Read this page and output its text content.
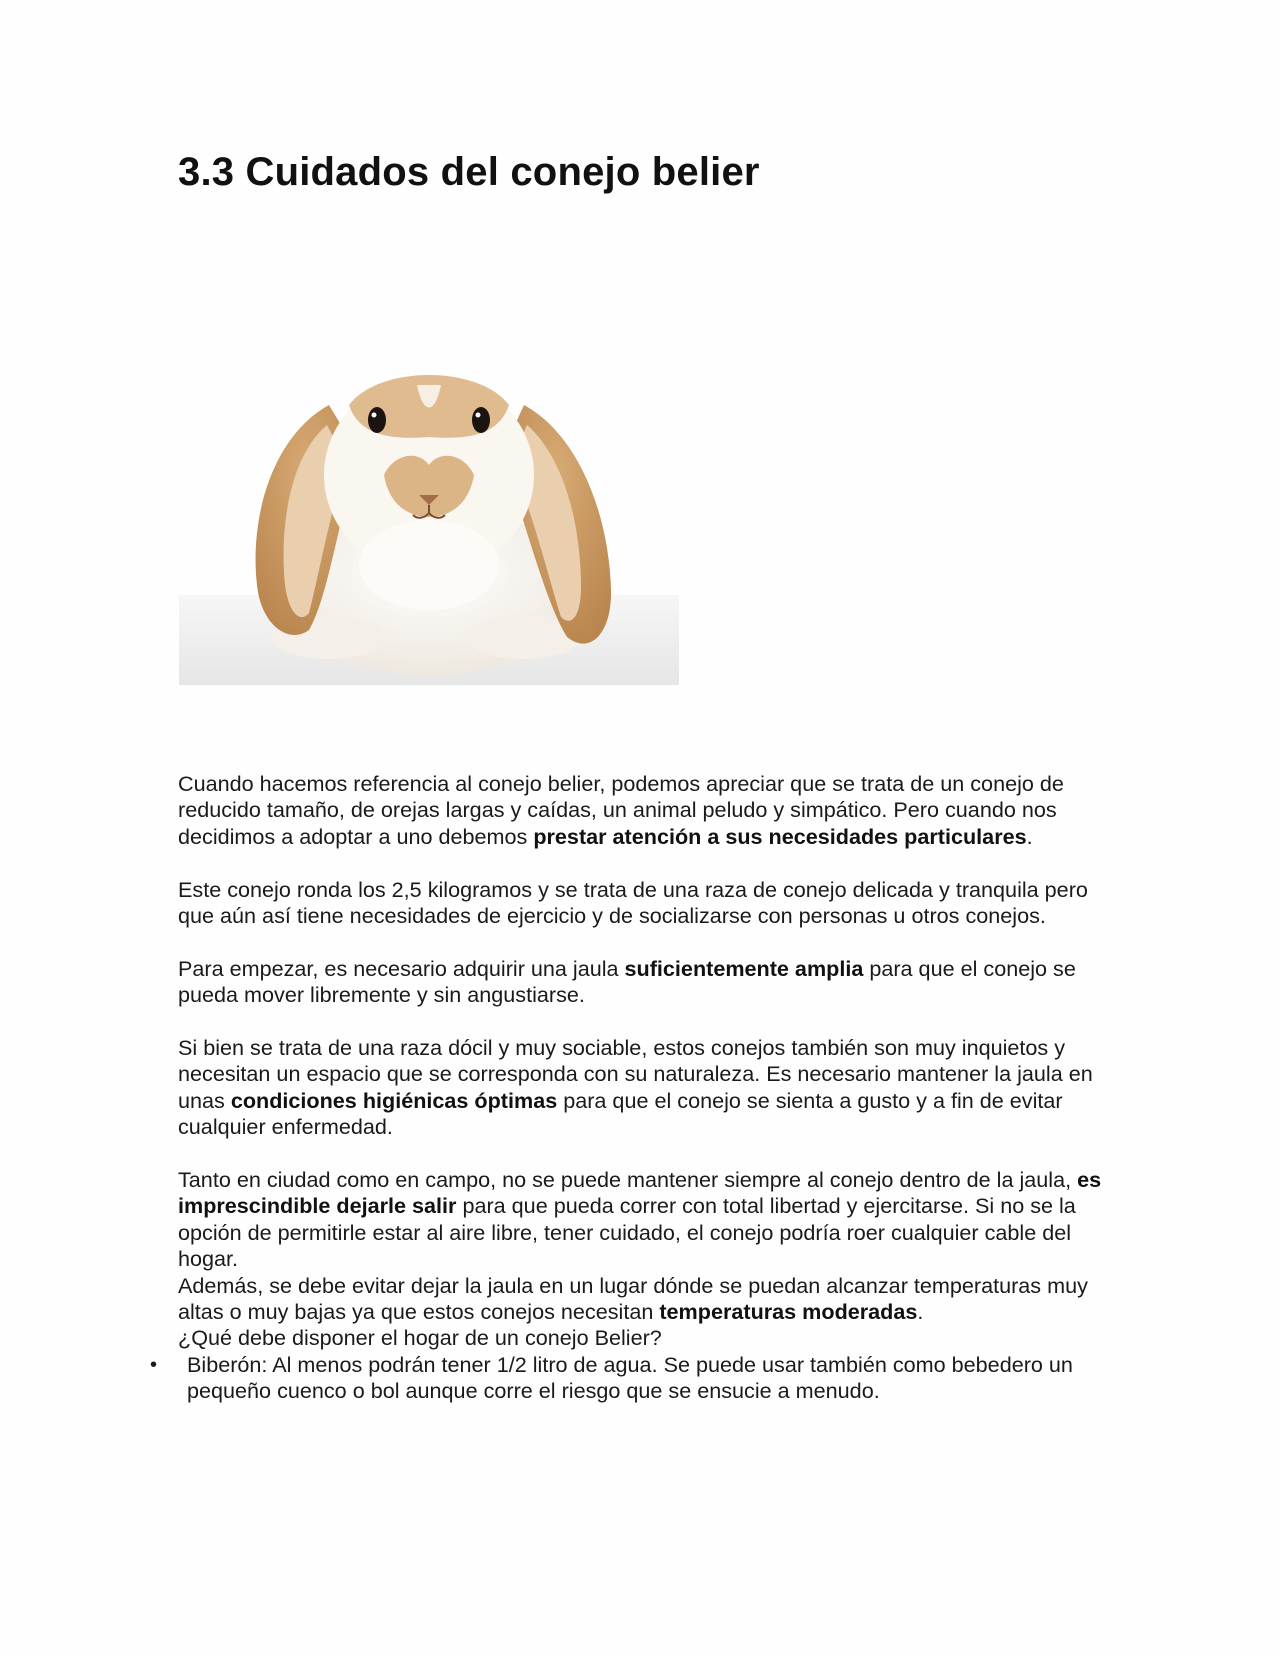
3.3 Cuidados del conejo belier

Cuando hacemos referencia al conejo belier, podemos apreciar que se trata de un conejo de reducido tamaño, de orejas largas y caídas, un animal peludo y simpático. Pero cuando nos decidimos a adoptar a uno debemos prestar atención a sus necesidades particulares.

Este conejo ronda los 2,5 kilogramos y se trata de una raza de conejo delicada y tranquila pero que aún así tiene necesidades de ejercicio y de socializarse con personas u otros conejos.

Para empezar, es necesario adquirir una jaula suficientemente amplia para que el conejo se pueda mover libremente y sin angustiarse.

Si bien se trata de una raza dócil y muy sociable, estos conejos también son muy inquietos y necesitan un espacio que se corresponda con su naturaleza. Es necesario mantener la jaula en unas condiciones higiénicas óptimas para que el conejo se sienta a gusto y a fin de evitar cualquier enfermedad.

Tanto en ciudad como en campo, no se puede mantener siempre al conejo dentro de la jaula, es imprescindible dejarle salir para que pueda correr con total libertad y ejercitarse. Si no se la opción de permitirle estar al aire libre, tener cuidado, el conejo podría roer cualquier cable del hogar.

Además, se debe evitar dejar la jaula en un lugar dónde se puedan alcanzar temperaturas muy altas o muy bajas ya que estos conejos necesitan temperaturas moderadas.

¿Qué debe disponer el hogar de un conejo Belier?

• Biberón: Al menos podrán tener 1/2 litro de agua. Se puede usar también como bebedero un pequeño cuenco o bol aunque corre el riesgo que se ensucie a menudo.
